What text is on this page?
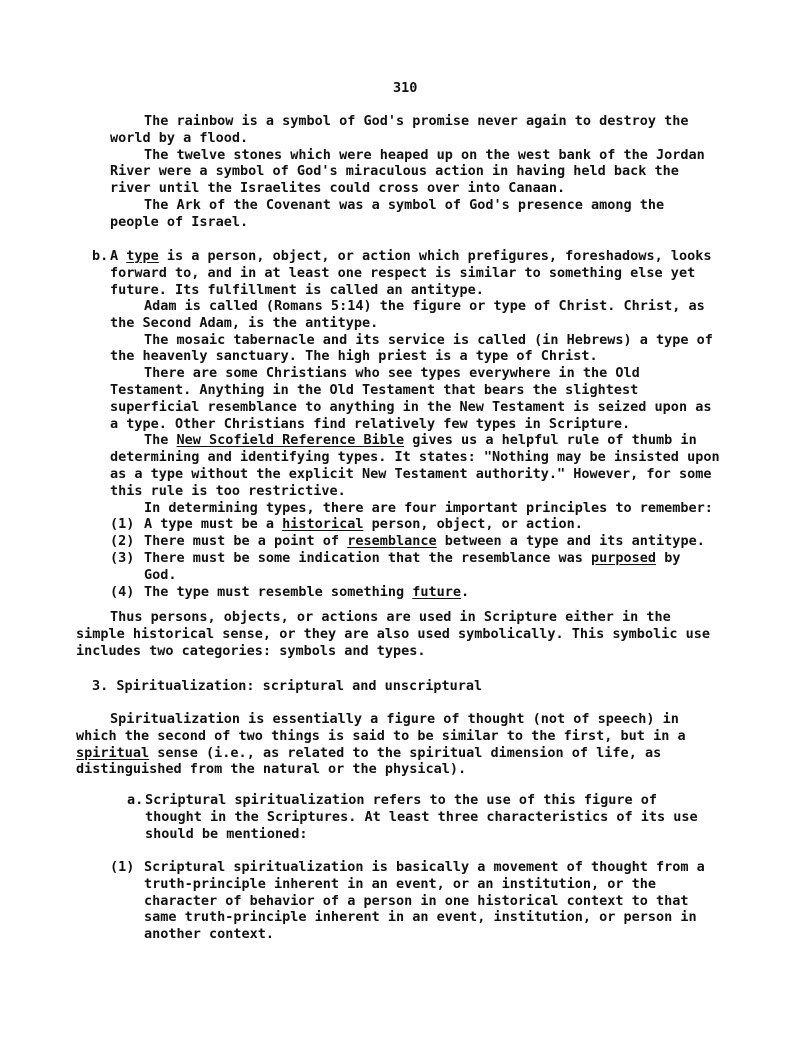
310

The rainbow is a symbol of God's promise never again to destroy the world by a flood.

The twelve stones which were heaped up on the west bank of the Jordan River were a symbol of God's miraculous action in having held back the river until the Israelites could cross over into Canaan.

The Ark of the Covenant was a symbol of God's presence among the people of Israel.

b. A type is a person, object, or action which prefigures, foreshadows, looks forward to, and in at least one respect is similar to something else yet future. Its fulfillment is called an antitype.

Adam is called (Romans 5:14) the figure or type of Christ. Christ, as the Second Adam, is the antitype.

The mosaic tabernacle and its service is called (in Hebrews) a type of the heavenly sanctuary. The high priest is a type of Christ.

There are some Christians who see types everywhere in the Old Testament. Anything in the Old Testament that bears the slightest superficial resemblance to anything in the New Testament is seized upon as a type. Other Christians find relatively few types in Scripture.

The New Scofield Reference Bible gives us a helpful rule of thumb in determining and identifying types. It states: "Nothing may be insisted upon as a type without the explicit New Testament authority." However, for some this rule is too restrictive.

In determining types, there are four important principles to remember:

(1) A type must be a historical person, object, or action.

(2) There must be a point of resemblance between a type and its antitype.

(3) There must be some indication that the resemblance was purposed by God.

(4) The type must resemble something future.

Thus persons, objects, or actions are used in Scripture either in the simple historical sense, or they are also used symbolically. This symbolic use includes two categories: symbols and types.

3. Spiritualization: scriptural and unscriptural

Spiritualization is essentially a figure of thought (not of speech) in which the second of two things is said to be similar to the first, but in a spiritual sense (i.e., as related to the spiritual dimension of life, as distinguished from the natural or the physical).

a. Scriptural spiritualization refers to the use of this figure of thought in the Scriptures. At least three characteristics of its use should be mentioned:

(1) Scriptural spiritualization is basically a movement of thought from a truth-principle inherent in an event, or an institution, or the character of behavior of a person in one historical context to that same truth-principle inherent in an event, institution, or person in another context.
